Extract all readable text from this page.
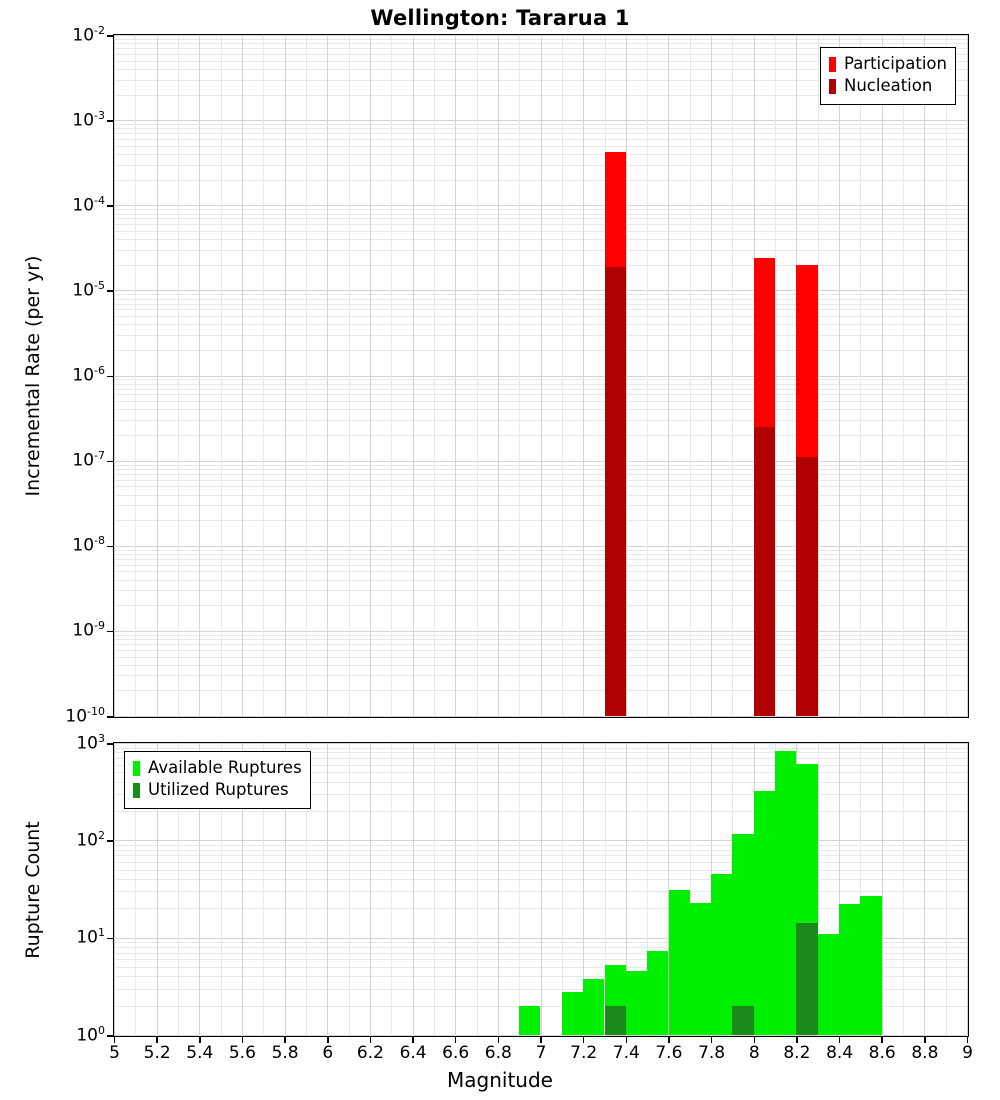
Wellington: Tararua 1
Participation
Nucleation
Available Ruptures
Utilized Ruptures
Incremental Rate (per yr)
Rupture Count
Magnitude
$10^{-10}$
$10^{-9}$
$10^{-8}$
$10^{-7}$
$10^{-6}$
$10^{-5}$
$10^{-4}$
$10^{-3}$
$10^{-2}$
$10^0$
$10^1$
$10^2$
$10^3$
5 5.2 5.4 5.6 5.8 6 6.2 6.4 6.6 6.8 7 7.2 7.4 7.6 7.8 8 8.2 8.4 8.6 8.8 9
